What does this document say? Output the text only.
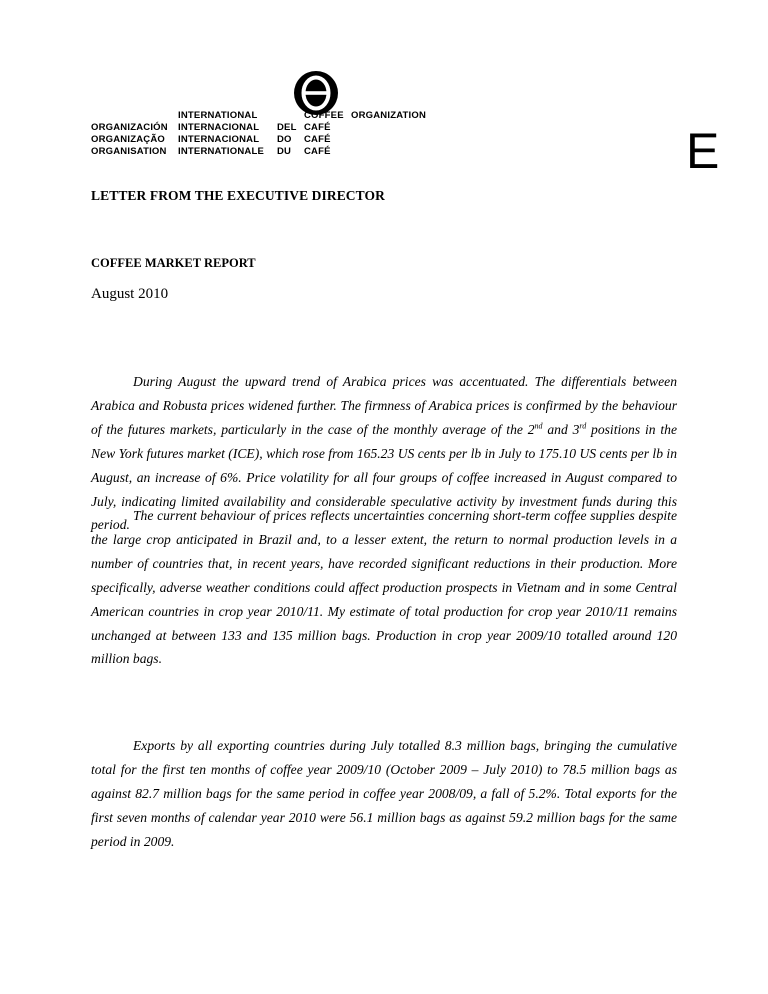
INTERNATIONAL	COFFEE ORGANIZATION
ORGANIZACIÓN INTERNACIONAL DEL CAFÉ
ORGANIZAÇÃO INTERNACIONAL DO CAFÉ
ORGANISATION INTERNATIONALE DU CAFÉ	E
LETTER FROM THE EXECUTIVE DIRECTOR
COFFEE MARKET REPORT
August 2010

During August the upward trend of Arabica prices was accentuated. The differentials between Arabica and Robusta prices widened further. The firmness of Arabica prices is confirmed by the behaviour of the futures markets, particularly in the case of the monthly average of the 2nd and 3rd positions in the New York futures market (ICE), which rose from 165.23 US cents per lb in July to 175.10 US cents per lb in August, an increase of 6%. Price volatility for all four groups of coffee increased in August compared to July, indicating limited availability and considerable speculative activity by investment funds during this period.

The current behaviour of prices reflects uncertainties concerning short-term coffee supplies despite the large crop anticipated in Brazil and, to a lesser extent, the return to normal production levels in a number of countries that, in recent years, have recorded significant reductions in their production. More specifically, adverse weather conditions could affect production prospects in Vietnam and in some Central American countries in crop year 2010/11. My estimate of total production for crop year 2010/11 remains unchanged at between 133 and 135 million bags. Production in crop year 2009/10 totalled around 120 million bags.

Exports by all exporting countries during July totalled 8.3 million bags, bringing the cumulative total for the first ten months of coffee year 2009/10 (October 2009 – July 2010) to 78.5 million bags as against 82.7 million bags for the same period in coffee year 2008/09, a fall of 5.2%. Total exports for the first seven months of calendar year 2010 were 56.1 million bags as against 59.2 million bags for the same period in 2009.
